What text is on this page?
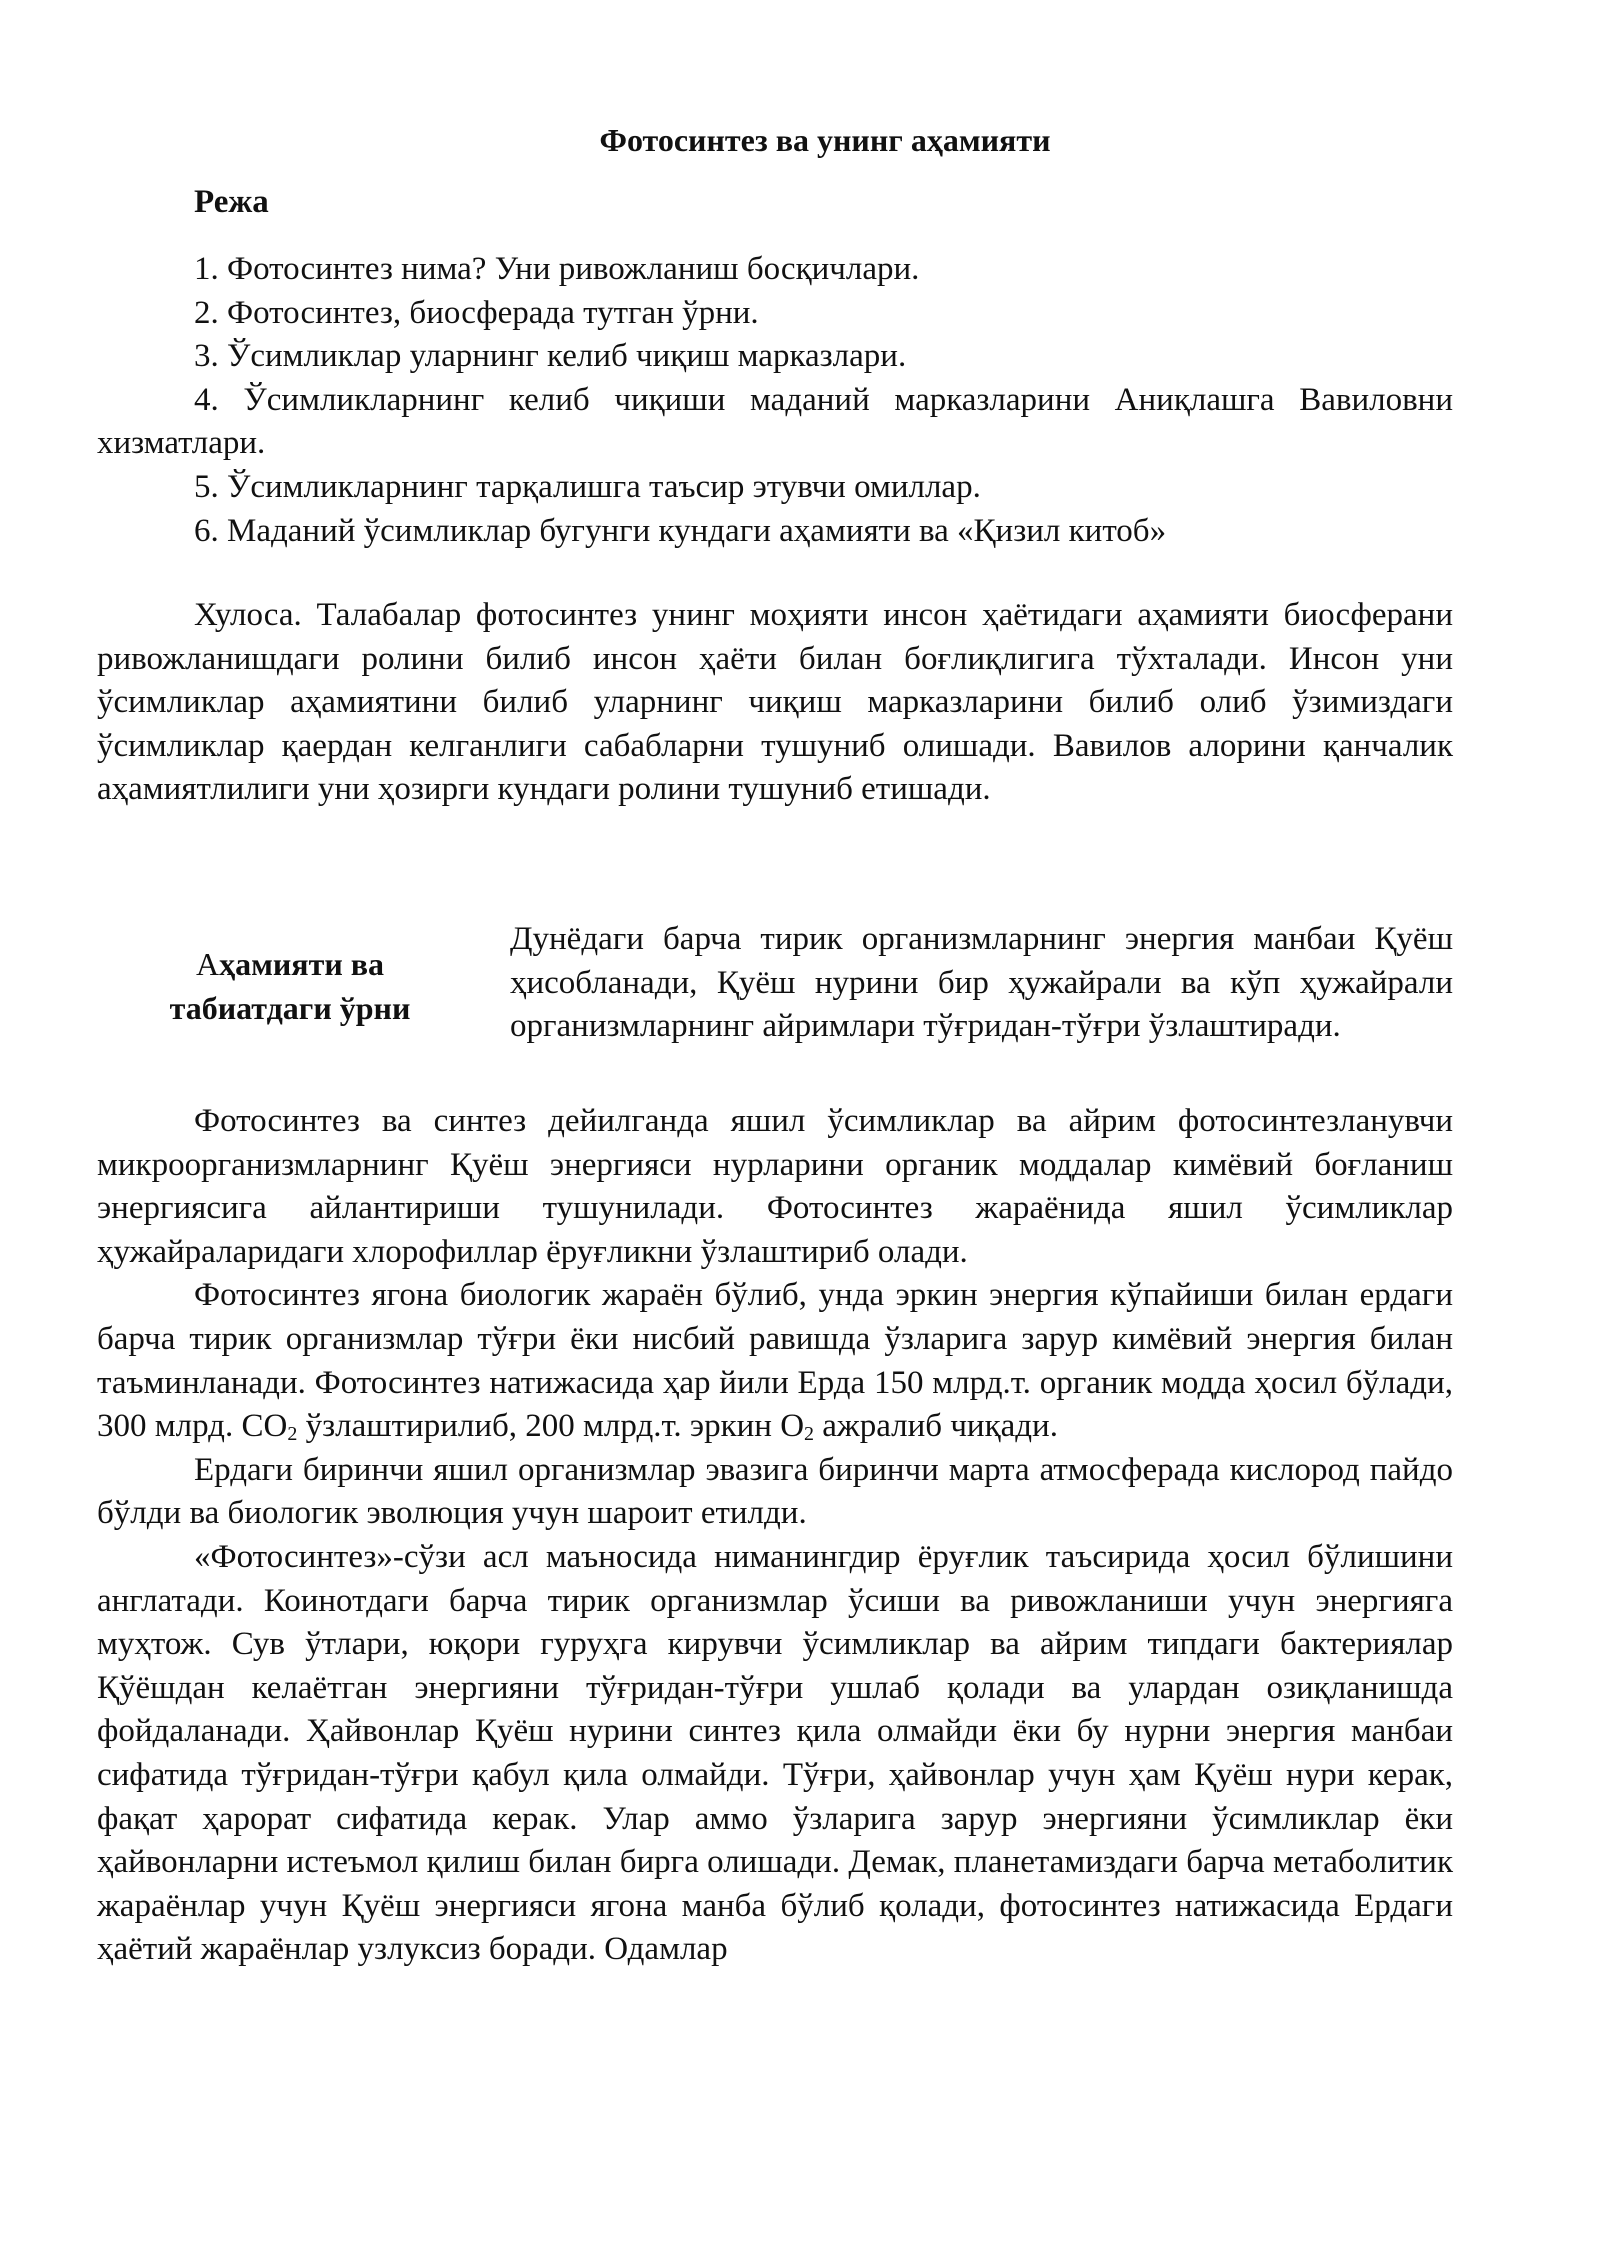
Фотосинтез ва унинг аҳамияти
Режа

1. Фотосинтез нима? Уни ривожланиш босқичлари.

2. Фотосинтез, биосферада тутган ўрни.

3. Ўсимликлар уларнинг келиб чиқиш марказлари.

4. Ўсимликларнинг келиб чиқиши маданий марказларини Аниқлашга Вавиловни хизматлари.

5. Ўсимликларнинг тарқалишга таъсир этувчи омиллар.

6. Маданий ўсимликлар бугунги кундаги аҳамияти ва «Қизил китоб»

Хулоса. Талабалар фотосинтез унинг моҳияти инсон ҳаётидаги аҳамияти биосферани ривожланишдаги ролини билиб инсон ҳаёти билан боғлиқлигига тўхталади. Инсон уни ўсимликлар аҳамиятини билиб уларнинг чиқиш марказларини билиб олиб ўзимиздаги ўсимликлар қаердан келганлиги сабабларни тушуниб олишади. Вавилов алорини қанчалик аҳамиятлилиги уни ҳозирги кундаги ролини тушуниб етишади.

Аҳамияти ва табиатдаги ўрни
Дунёдаги барча тирик организмларнинг энергия манбаи Қуёш ҳисобланади, Қуёш нурини бир ҳужайрали ва кўп ҳужайрали организмларнинг айримлари тўғридан-тўғри ўзлаштиради.

Фотосинтез ва синтез дейилганда яшил ўсимликлар ва айрим фотосинтезланувчи микроорганизмларнинг Қуёш энергияси нурларини органик моддалар кимёвий боғланиш энергиясига айлантириши тушунилади. Фотосинтез жараёнида яшил ўсимликлар ҳужайраларидаги хлорофиллар ёруғликни ўзлаштириб олади.

Фотосинтез ягона биологик жараён бўлиб, унда эркин энергия кўпайиши билан ердаги барча тирик организмлар тўғри ёки нисбий равишда ўзларига зарур кимёвий энергия билан таъминланади. Фотосинтез натижасида ҳар йили Ерда 150 млрд.т. органик модда ҳосил бўлади, 300 млрд. $СО_2$ ўзлаштирилиб, 200 млрд.т. эркин $О_2$ ажралиб чиқади.

Ердаги биринчи яшил организмлар эвазига биринчи марта атмосферада кислород пайдо бўлди ва биологик эволюция учун шароит етилди.

«Фотосинтез»-сўзи асл маъносида ниманингдир ёруғлик таъсирида ҳосил бўлишини англатади. Коинотдаги барча тирик организмлар ўсиши ва ривожланиши учун энергияга муҳтож. Сув ўтлари, юқори гуруҳга кирувчи ўсимликлар ва айрим типдаги бактериялар Қўёшдан келаётган энергияни тўғридан-тўғри ушлаб қолади ва улардан озиқланишда фойдаланади. Ҳайвонлар Қуёш нурини синтез қила олмайди ёки бу нурни энергия манбаи сифатида тўғридан-тўғри қабул қила олмайди. Тўғри, ҳайвонлар учун ҳам Қуёш нури керак, фақат ҳарорат сифатида керак. Улар аммо ўзларига зарур энергияни ўсимликлар ёки ҳайвонларни истеъмол қилиш билан бирга олишади. Демак, планетамиздаги барча метаболитик жараёнлар учун Қуёш энергияси ягона манба бўлиб қолади, фотосинтез натижасида Ердаги ҳаётий жараёнлар узлуксиз боради. Одамлар
